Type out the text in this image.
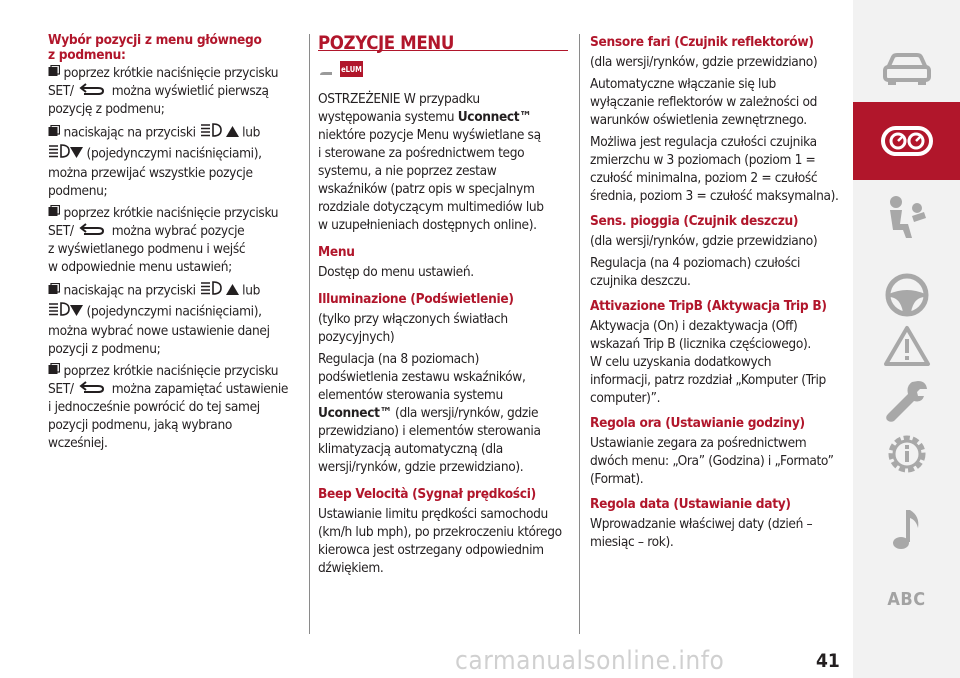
Wybór pozycji z menu głównego z podmenu:

poprzez krótkie naciśnięcie przycisku
SET/	można wyświetlić pierwszą
pozycję z podmenu;

naciskając na przyciski	lub
(pojedynczymi naciśnięciami),
można przewijać wszystkie pozycje
podmenu;

poprzez krótkie naciśnięcie przycisku
SET/	można wybrać pozycje
z wyświetlanego podmenu i wejść
w odpowiednie menu ustawień;

naciskając na przyciski	lub
(pojedynczymi naciśnięciami),
można wybrać nowe ustawienie danej
pozycji z podmenu;

poprzez krótkie naciśnięcie przycisku
SET/	można zapamiętać ustawienie
i jednocześnie powrócić do tej samej
pozycji podmenu, jaką wybrano
wcześniej.

POZYCJE MENU
eLUM

OSTRZEŻENIE W przypadku
występowania systemu Uconnect™
niektóre pozycje Menu wyświetlane są
i sterowane za pośrednictwem tego
systemu, a nie poprzez zestaw
wskaźników (patrz opis w specjalnym
rozdziale dotyczącym multimediów lub
w uzupełnieniach dostępnych online).

Menu

Dostęp do menu ustawień.

Illuminazione (Podświetlenie)

(tylko przy włączonych światłach
pozycyjnych)

Regulacja (na 8 poziomach)
podświetlenia zestawu wskaźników,
elementów sterowania systemu
Uconnect™ (dla wersji/rynków, gdzie
przewidziano) i elementów sterowania
klimatyzacją automatyczną (dla
wersji/rynków, gdzie przewidziano).

Beep Velocità (Sygnał prędkości)

Ustawianie limitu prędkości samochodu
(km/h lub mph), po przekroczeniu którego
kierowca jest ostrzegany odpowiednim
dźwiękiem.

Sensore fari (Czujnik reflektorów)

(dla wersji/rynków, gdzie przewidziano)

Automatyczne włączanie się lub
wyłączanie reflektorów w zależności od
warunków oświetlenia zewnętrznego.

Możliwa jest regulacja czułości czujnika
zmierzchu w 3 poziomach (poziom 1 =
czułość minimalna, poziom 2 = czułość
średnia, poziom 3 = czułość maksymalna).

Sens. pioggia (Czujnik deszczu)

(dla wersji/rynków, gdzie przewidziano)

Regulacja (na 4 poziomach) czułości
czujnika deszczu.

Attivazione TripB (Aktywacja Trip B)

Aktywacja (On) i dezaktywacja (Off)
wskazań Trip B (licznika częściowego).
W celu uzyskania dodatkowych
informacji, patrz rozdział „Komputer (Trip
computer)”.

Regola ora (Ustawianie godziny)

Ustawianie zegara za pośrednictwem
dwóch menu: „Ora” (Godzina) i „Formato”
(Format).

Regola data (Ustawianie daty)

Wprowadzanie właściwej daty (dzień –
miesiąc – rok).

ABC
carmanualsonline.info	41
